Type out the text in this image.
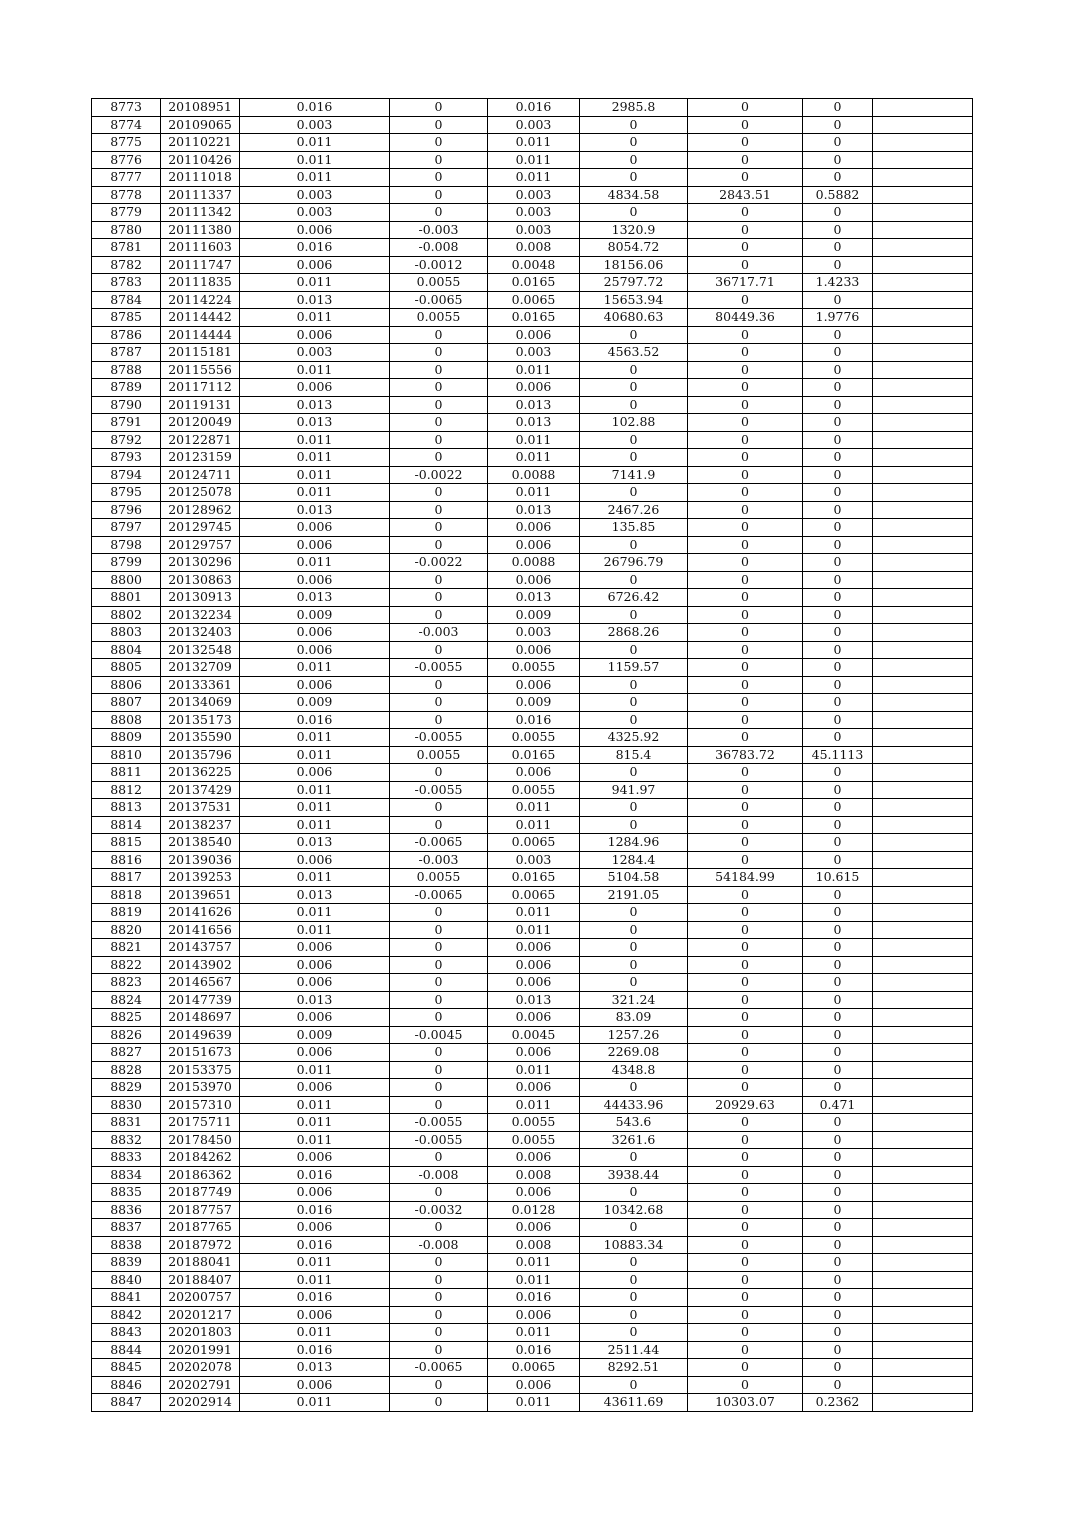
8773	20108951	0.016	0	0.016	2985.8	0	0	
8774	20109065	0.003	0	0.003	0	0	0	
8775	20110221	0.011	0	0.011	0	0	0	
8776	20110426	0.011	0	0.011	0	0	0	
8777	20111018	0.011	0	0.011	0	0	0	
8778	20111337	0.003	0	0.003	4834.58	2843.51	0.5882	
8779	20111342	0.003	0	0.003	0	0	0	
8780	20111380	0.006	-0.003	0.003	1320.9	0	0	
8781	20111603	0.016	-0.008	0.008	8054.72	0	0	
8782	20111747	0.006	-0.0012	0.0048	18156.06	0	0	
8783	20111835	0.011	0.0055	0.0165	25797.72	36717.71	1.4233	
8784	20114224	0.013	-0.0065	0.0065	15653.94	0	0	
8785	20114442	0.011	0.0055	0.0165	40680.63	80449.36	1.9776	
8786	20114444	0.006	0	0.006	0	0	0	
8787	20115181	0.003	0	0.003	4563.52	0	0	
8788	20115556	0.011	0	0.011	0	0	0	
8789	20117112	0.006	0	0.006	0	0	0	
8790	20119131	0.013	0	0.013	0	0	0	
8791	20120049	0.013	0	0.013	102.88	0	0	
8792	20122871	0.011	0	0.011	0	0	0	
8793	20123159	0.011	0	0.011	0	0	0	
8794	20124711	0.011	-0.0022	0.0088	7141.9	0	0	
8795	20125078	0.011	0	0.011	0	0	0	
8796	20128962	0.013	0	0.013	2467.26	0	0	
8797	20129745	0.006	0	0.006	135.85	0	0	
8798	20129757	0.006	0	0.006	0	0	0	
8799	20130296	0.011	-0.0022	0.0088	26796.79	0	0	
8800	20130863	0.006	0	0.006	0	0	0	
8801	20130913	0.013	0	0.013	6726.42	0	0	
8802	20132234	0.009	0	0.009	0	0	0	
8803	20132403	0.006	-0.003	0.003	2868.26	0	0	
8804	20132548	0.006	0	0.006	0	0	0	
8805	20132709	0.011	-0.0055	0.0055	1159.57	0	0	
8806	20133361	0.006	0	0.006	0	0	0	
8807	20134069	0.009	0	0.009	0	0	0	
8808	20135173	0.016	0	0.016	0	0	0	
8809	20135590	0.011	-0.0055	0.0055	4325.92	0	0	
8810	20135796	0.011	0.0055	0.0165	815.4	36783.72	45.1113	
8811	20136225	0.006	0	0.006	0	0	0	
8812	20137429	0.011	-0.0055	0.0055	941.97	0	0	
8813	20137531	0.011	0	0.011	0	0	0	
8814	20138237	0.011	0	0.011	0	0	0	
8815	20138540	0.013	-0.0065	0.0065	1284.96	0	0	
8816	20139036	0.006	-0.003	0.003	1284.4	0	0	
8817	20139253	0.011	0.0055	0.0165	5104.58	54184.99	10.615	
8818	20139651	0.013	-0.0065	0.0065	2191.05	0	0	
8819	20141626	0.011	0	0.011	0	0	0	
8820	20141656	0.011	0	0.011	0	0	0	
8821	20143757	0.006	0	0.006	0	0	0	
8822	20143902	0.006	0	0.006	0	0	0	
8823	20146567	0.006	0	0.006	0	0	0	
8824	20147739	0.013	0	0.013	321.24	0	0	
8825	20148697	0.006	0	0.006	83.09	0	0	
8826	20149639	0.009	-0.0045	0.0045	1257.26	0	0	
8827	20151673	0.006	0	0.006	2269.08	0	0	
8828	20153375	0.011	0	0.011	4348.8	0	0	
8829	20153970	0.006	0	0.006	0	0	0	
8830	20157310	0.011	0	0.011	44433.96	20929.63	0.471	
8831	20175711	0.011	-0.0055	0.0055	543.6	0	0	
8832	20178450	0.011	-0.0055	0.0055	3261.6	0	0	
8833	20184262	0.006	0	0.006	0	0	0	
8834	20186362	0.016	-0.008	0.008	3938.44	0	0	
8835	20187749	0.006	0	0.006	0	0	0	
8836	20187757	0.016	-0.0032	0.0128	10342.68	0	0	
8837	20187765	0.006	0	0.006	0	0	0	
8838	20187972	0.016	-0.008	0.008	10883.34	0	0	
8839	20188041	0.011	0	0.011	0	0	0	
8840	20188407	0.011	0	0.011	0	0	0	
8841	20200757	0.016	0	0.016	0	0	0	
8842	20201217	0.006	0	0.006	0	0	0	
8843	20201803	0.011	0	0.011	0	0	0	
8844	20201991	0.016	0	0.016	2511.44	0	0	
8845	20202078	0.013	-0.0065	0.0065	8292.51	0	0	
8846	20202791	0.006	0	0.006	0	0	0	
8847	20202914	0.011	0	0.011	43611.69	10303.07	0.2362	
